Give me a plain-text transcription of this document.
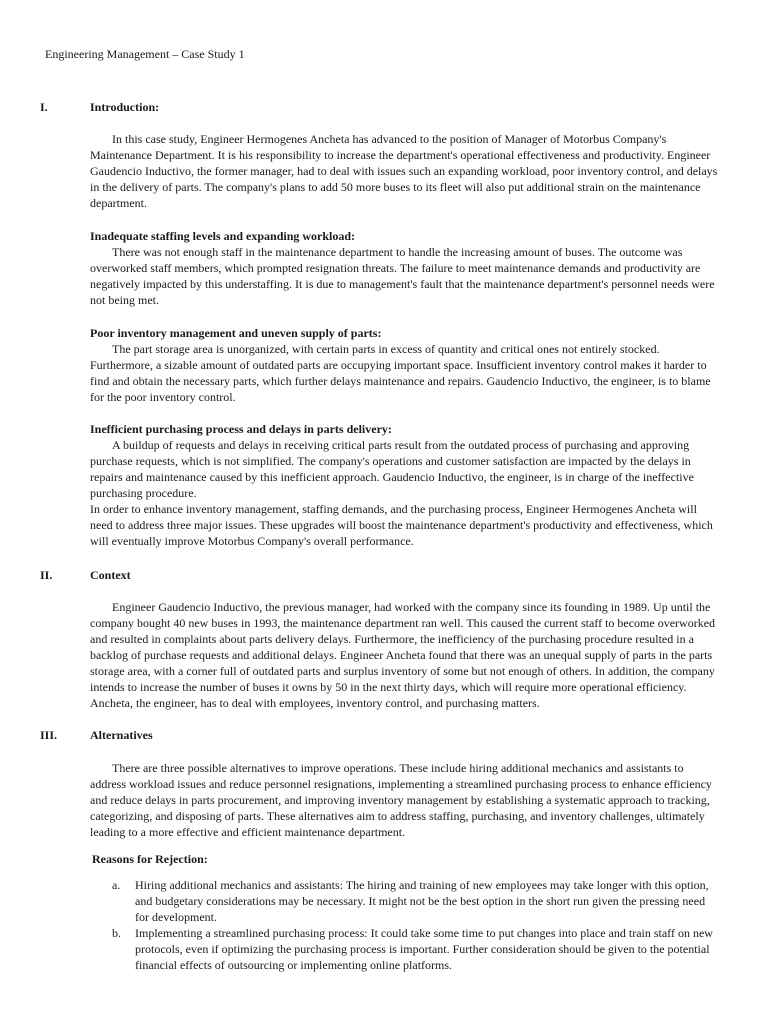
Engineering Management – Case Study 1
I.	Introduction:
In this case study, Engineer Hermogenes Ancheta has advanced to the position of Manager of Motorbus Company's Maintenance Department. It is his responsibility to increase the department's operational effectiveness and productivity. Engineer Gaudencio Inductivo, the former manager, had to deal with issues such an expanding workload, poor inventory control, and delays in the delivery of parts. The company's plans to add 50 more buses to its fleet will also put additional strain on the maintenance department.
Inadequate staffing levels and expanding workload:
There was not enough staff in the maintenance department to handle the increasing amount of buses. The outcome was overworked staff members, which prompted resignation threats. The failure to meet maintenance demands and productivity are negatively impacted by this understaffing. It is due to management's fault that the maintenance department's personnel needs were not being met.
Poor inventory management and uneven supply of parts:
The part storage area is unorganized, with certain parts in excess of quantity and critical ones not entirely stocked. Furthermore, a sizable amount of outdated parts are occupying important space. Insufficient inventory control makes it harder to find and obtain the necessary parts, which further delays maintenance and repairs. Gaudencio Inductivo, the engineer, is to blame for the poor inventory control.
Inefficient purchasing process and delays in parts delivery:
A buildup of requests and delays in receiving critical parts result from the outdated process of purchasing and approving purchase requests, which is not simplified. The company's operations and customer satisfaction are impacted by the delays in repairs and maintenance caused by this inefficient approach. Gaudencio Inductivo, the engineer, is in charge of the ineffective purchasing procedure.
In order to enhance inventory management, staffing demands, and the purchasing process, Engineer Hermogenes Ancheta will need to address three major issues. These upgrades will boost the maintenance department's productivity and effectiveness, which will eventually improve Motorbus Company's overall performance.
II.	Context
Engineer Gaudencio Inductivo, the previous manager, had worked with the company since its founding in 1989. Up until the company bought 40 new buses in 1993, the maintenance department ran well. This caused the current staff to become overworked and resulted in complaints about parts delivery delays. Furthermore, the inefficiency of the purchasing procedure resulted in a backlog of purchase requests and additional delays. Engineer Ancheta found that there was an unequal supply of parts in the parts storage area, with a corner full of outdated parts and surplus inventory of some but not enough of others. In addition, the company intends to increase the number of buses it owns by 50 in the next thirty days, which will require more operational efficiency. Ancheta, the engineer, has to deal with employees, inventory control, and purchasing matters.
III.	Alternatives
There are three possible alternatives to improve operations. These include hiring additional mechanics and assistants to address workload issues and reduce personnel resignations, implementing a streamlined purchasing process to enhance efficiency and reduce delays in parts procurement, and improving inventory management by establishing a systematic approach to tracking, categorizing, and disposing of parts. These alternatives aim to address staffing, purchasing, and inventory challenges, ultimately leading to a more effective and efficient maintenance department.
Reasons for Rejection:
a.	Hiring additional mechanics and assistants: The hiring and training of new employees may take longer with this option, and budgetary considerations may be necessary. It might not be the best option in the short run given the pressing need for development.
b.	Implementing a streamlined purchasing process: It could take some time to put changes into place and train staff on new protocols, even if optimizing the purchasing process is important. Further consideration should be given to the potential financial effects of outsourcing or implementing online platforms.
